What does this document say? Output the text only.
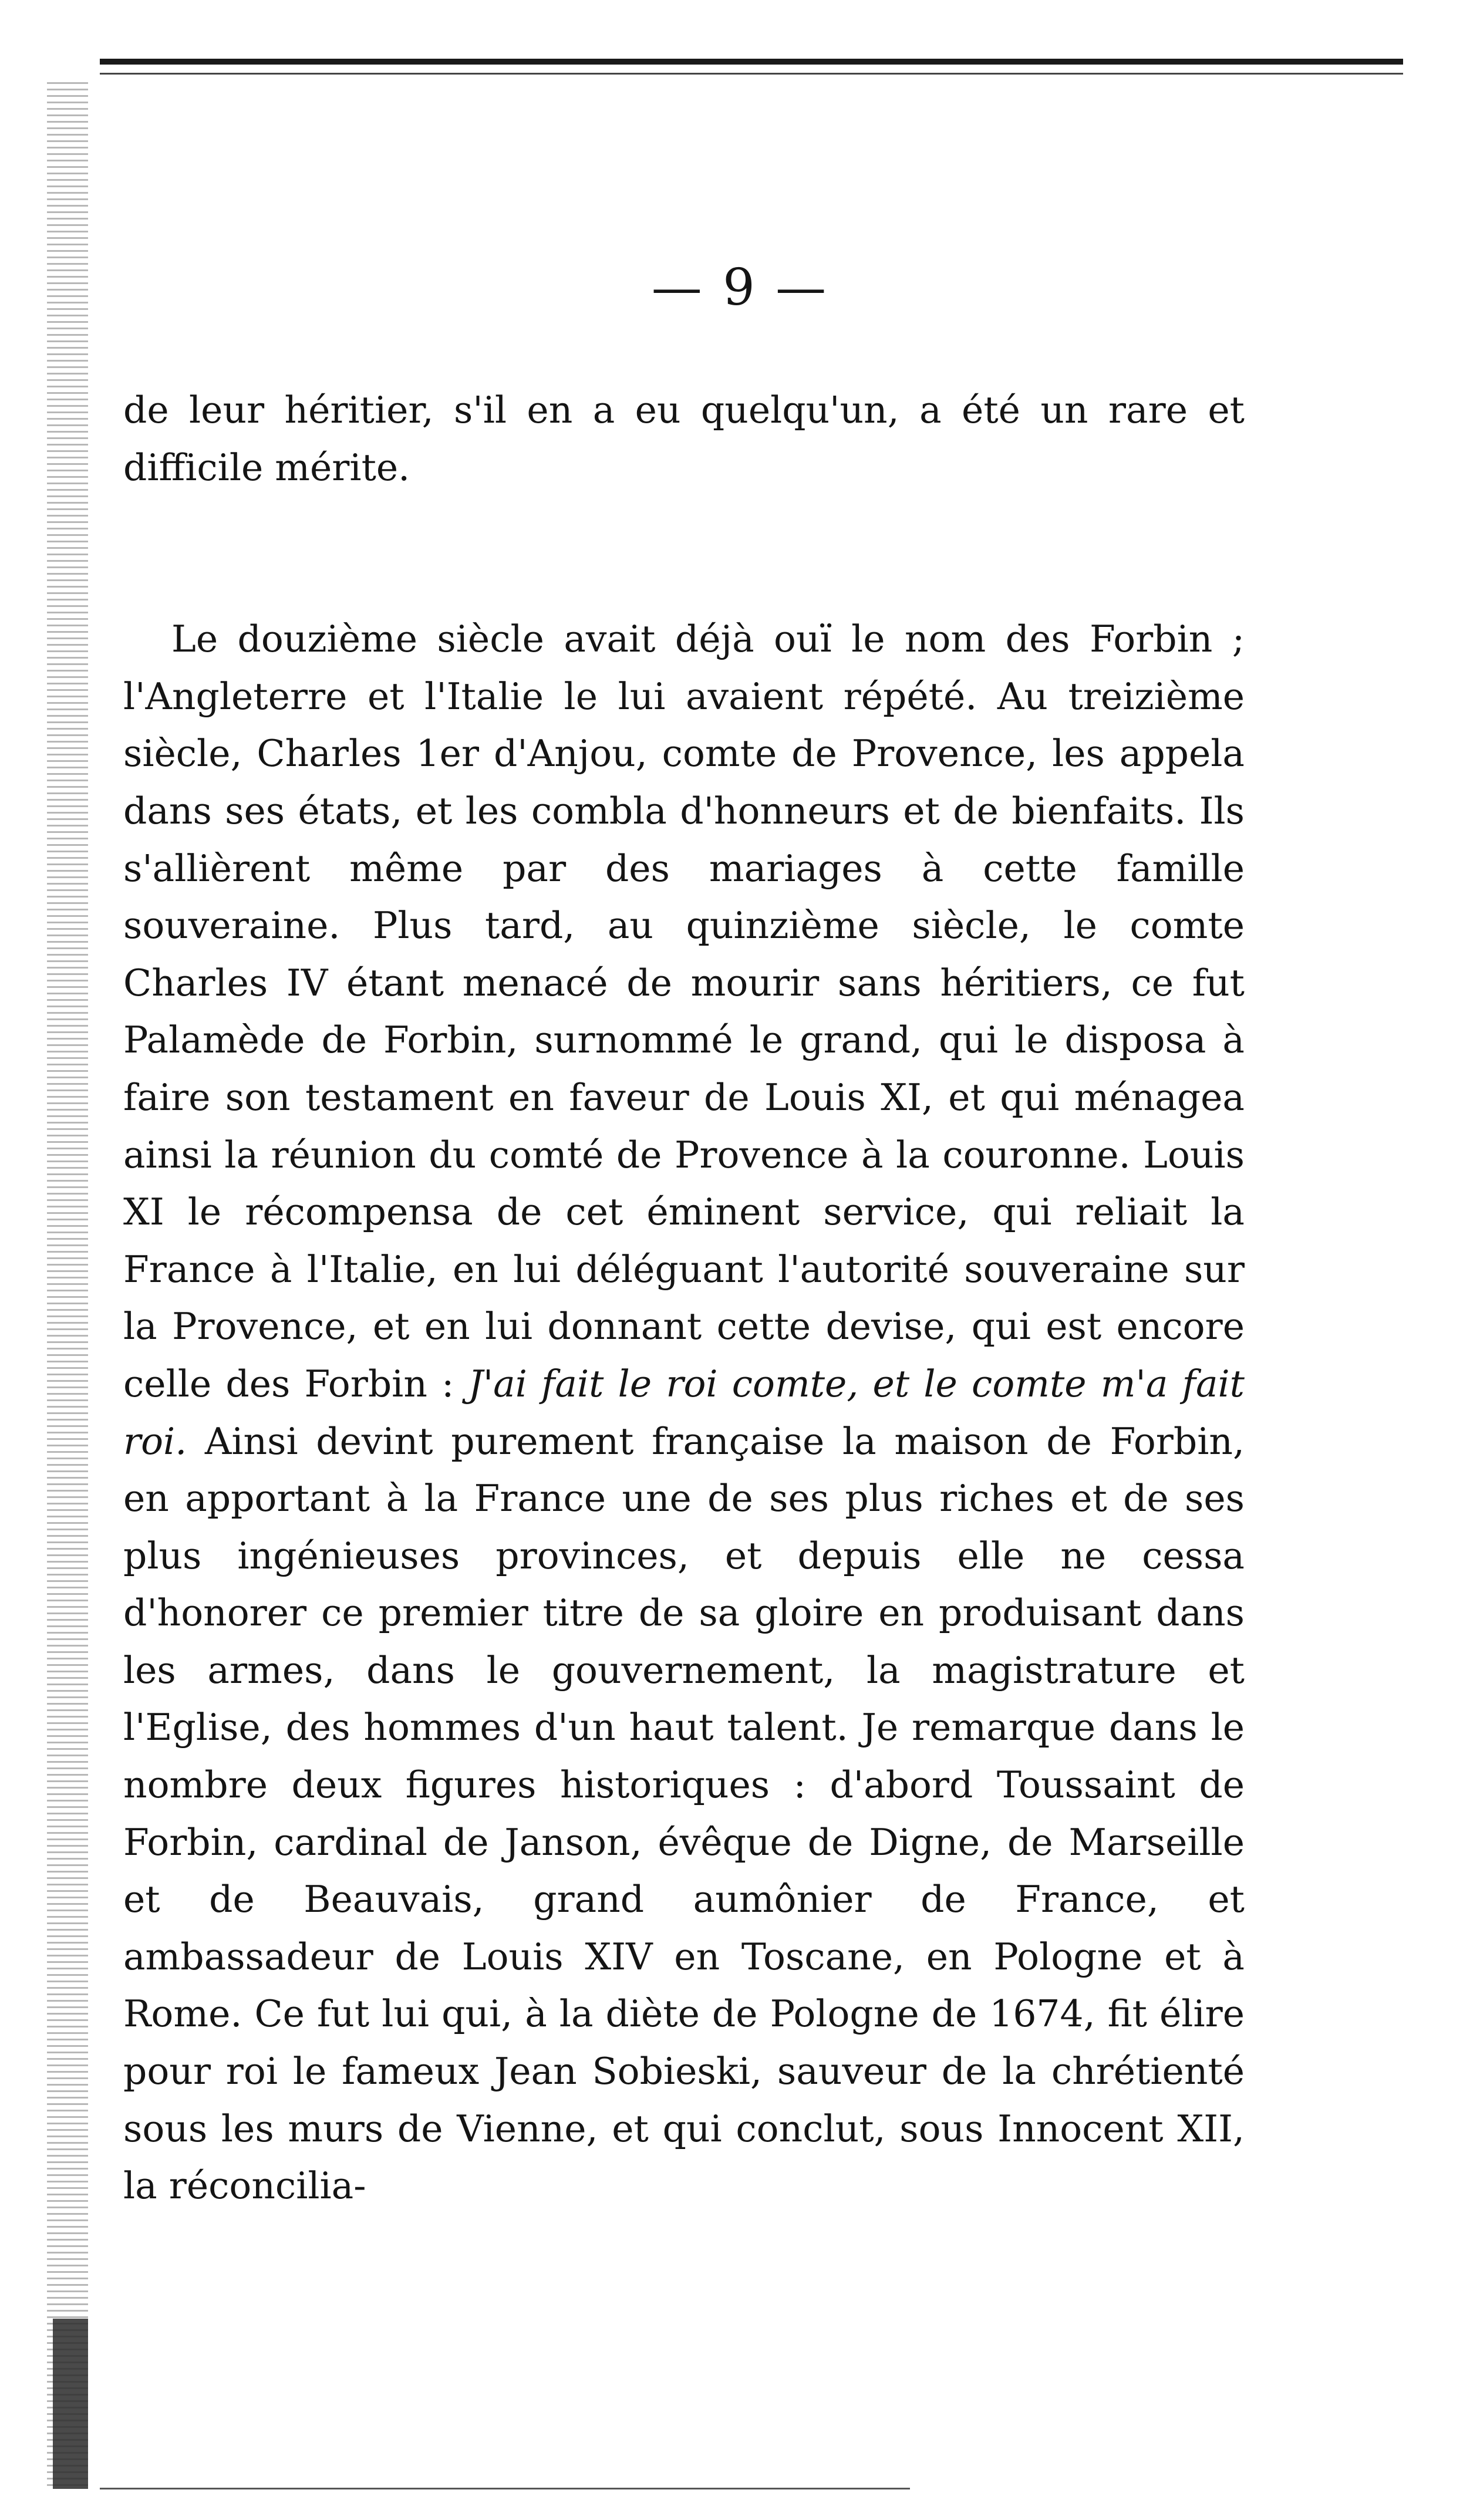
— 9 —

de leur héritier, s'il en a eu quelqu'un, a été un rare et difficile mérite.

Le douzième siècle avait déjà ouï le nom des Forbin ; l'Angleterre et l'Italie le lui avaient répété. Au treizième siècle, Charles 1er d'Anjou, comte de Provence, les appela dans ses états, et les combla d'honneurs et de bienfaits. Ils s'allièrent même par des mariages à cette famille souveraine. Plus tard, au quinzième siècle, le comte Charles IV étant menacé de mourir sans héritiers, ce fut Palamède de Forbin, surnommé le grand, qui le disposa à faire son testament en faveur de Louis XI, et qui ménagea ainsi la réunion du comté de Provence à la couronne. Louis XI le récompensa de cet éminent service, qui reliait la France à l'Italie, en lui déléguant l'autorité souveraine sur la Provence, et en lui donnant cette devise, qui est encore celle des Forbin : J'ai fait le roi comte, et le comte m'a fait roi. Ainsi devint purement française la maison de Forbin, en apportant à la France une de ses plus riches et de ses plus ingénieuses provinces, et depuis elle ne cessa d'honorer ce premier titre de sa gloire en produisant dans les armes, dans le gouvernement, la magistrature et l'Eglise, des hommes d'un haut talent. Je remarque dans le nombre deux figures historiques : d'abord Toussaint de Forbin, cardinal de Janson, évêque de Digne, de Marseille et de Beauvais, grand aumônier de France, et ambassadeur de Louis XIV en Toscane, en Pologne et à Rome. Ce fut lui qui, à la diète de Pologne de 1674, fit élire pour roi le fameux Jean Sobieski, sauveur de la chrétienté sous les murs de Vienne, et qui conclut, sous Innocent XII, la réconcilia-
